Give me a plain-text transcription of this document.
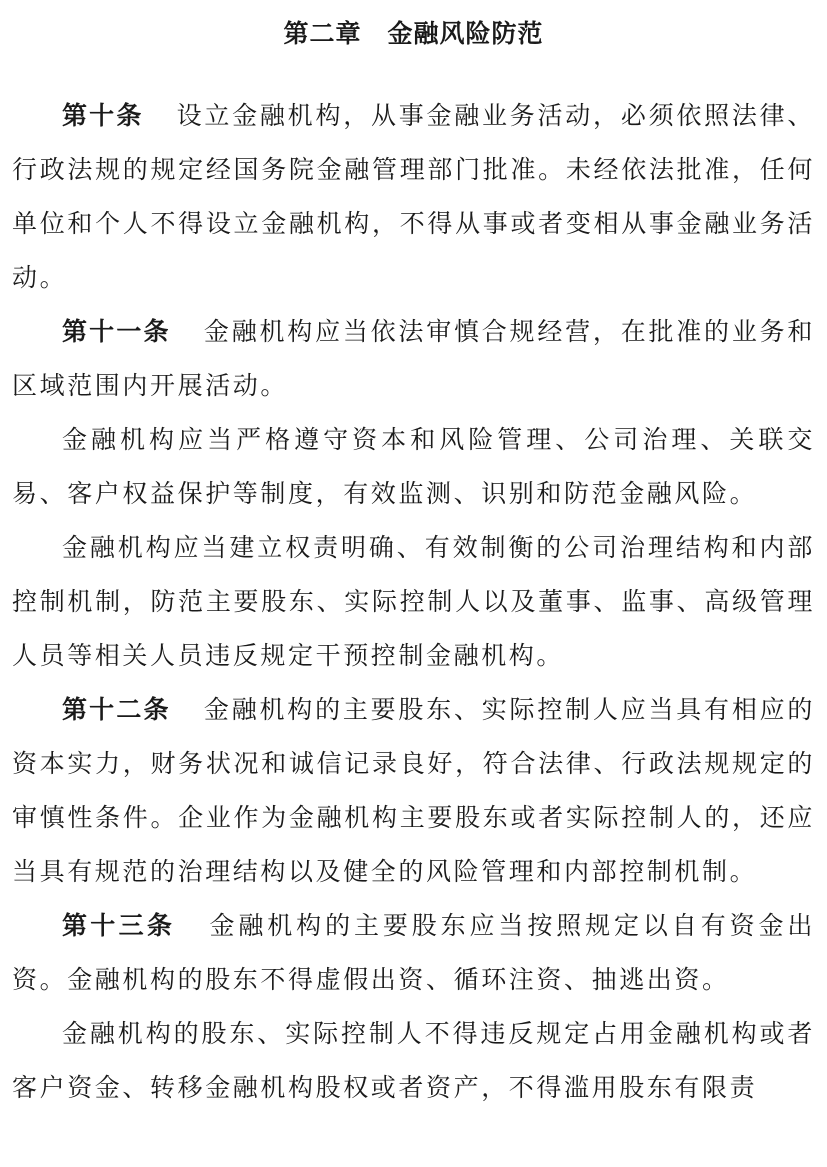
第二章　金融风险防范

第十条 设立金融机构，从事金融业务活动，必须依照法律、行政法规的规定经国务院金融管理部门批准。未经依法批准，任何单位和个人不得设立金融机构，不得从事或者变相从事金融业务活动。

第十一条 金融机构应当依法审慎合规经营，在批准的业务和区域范围内开展活动。

金融机构应当严格遵守资本和风险管理、公司治理、关联交易、客户权益保护等制度，有效监测、识别和防范金融风险。

金融机构应当建立权责明确、有效制衡的公司治理结构和内部控制机制，防范主要股东、实际控制人以及董事、监事、高级管理人员等相关人员违反规定干预控制金融机构。

第十二条 金融机构的主要股东、实际控制人应当具有相应的资本实力，财务状况和诚信记录良好，符合法律、行政法规规定的审慎性条件。企业作为金融机构主要股东或者实际控制人的，还应当具有规范的治理结构以及健全的风险管理和内部控制机制。

第十三条 金融机构的主要股东应当按照规定以自有资金出资。金融机构的股东不得虚假出资、循环注资、抽逃出资。

金融机构的股东、实际控制人不得违反规定占用金融机构或者客户资金、转移金融机构股权或者资产，不得滥用股东有限责
